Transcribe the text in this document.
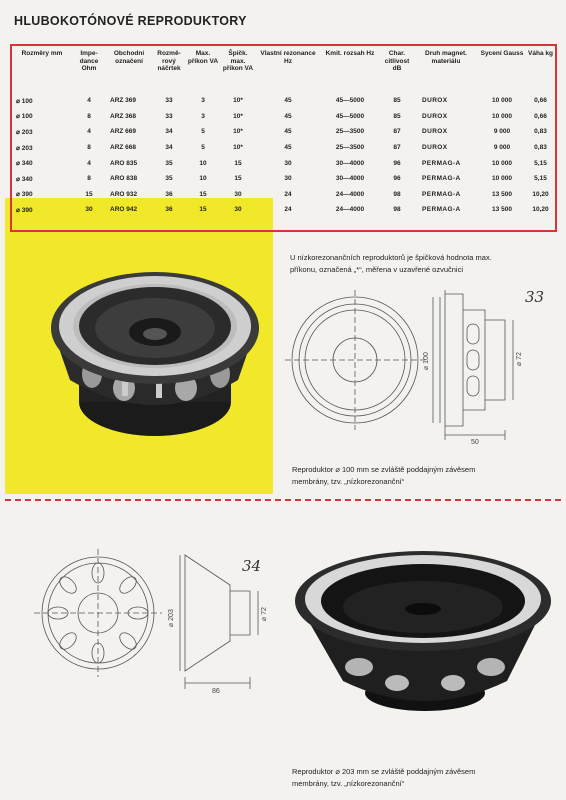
HLUBOKOTÓNOVÉ REPRODUKTORY
Rozměry mm	Impe-dance Ohm	Obchodní označení	Rozmě-rový náčrtek	Max. příkon VA	Špičk. max. příkon VA	Vlastní rezonance Hz	Kmit. rozsah Hz	Char. citlivost dB	Druh magnet. materiálu	Sycení Gauss	Váha kg

⌀ 100	4	ARZ 369	33	3	10*	45	45—5000	85	DUROX	10 000	0,66
⌀ 100	8	ARZ 368	33	3	10*	45	45—5000	85	DUROX	10 000	0,66
⌀ 203	4	ARZ 669	34	5	10*	45	25—3500	87	DUROX	9 000	0,83
⌀ 203	8	ARZ 668	34	5	10*	45	25—3500	87	DUROX	9 000	0,83
⌀ 340	4	ARO 835	35	10	15	30	30—4000	96	PERMAG-A	10 000	5,15
⌀ 340	8	ARO 838	35	10	15	30	30—4000	96	PERMAG-A	10 000	5,15
⌀ 390	15	ARO 932	36	15	30	24	24—4000	98	PERMAG-A	13 500	10,20
⌀ 390	30	ARO 942	36	15	30	24	24—4000	98	PERMAG-A	13 500	10,20
U nízkorezonančních reproduktorů je špičková hodnota max.
příkonu, označená „*“, měřena v uzavřené ozvučnici
33
⌀ 100	⌀ 72
50
Reproduktor ⌀ 100 mm se zvláště poddajným závěsem
membrány, tzv. „nízkorezonanční“
34
⌀ 203	⌀ 72
86
Reproduktor ⌀ 203 mm se zvláště poddajným závěsem
membrány, tzv. „nízkorezonanční“
